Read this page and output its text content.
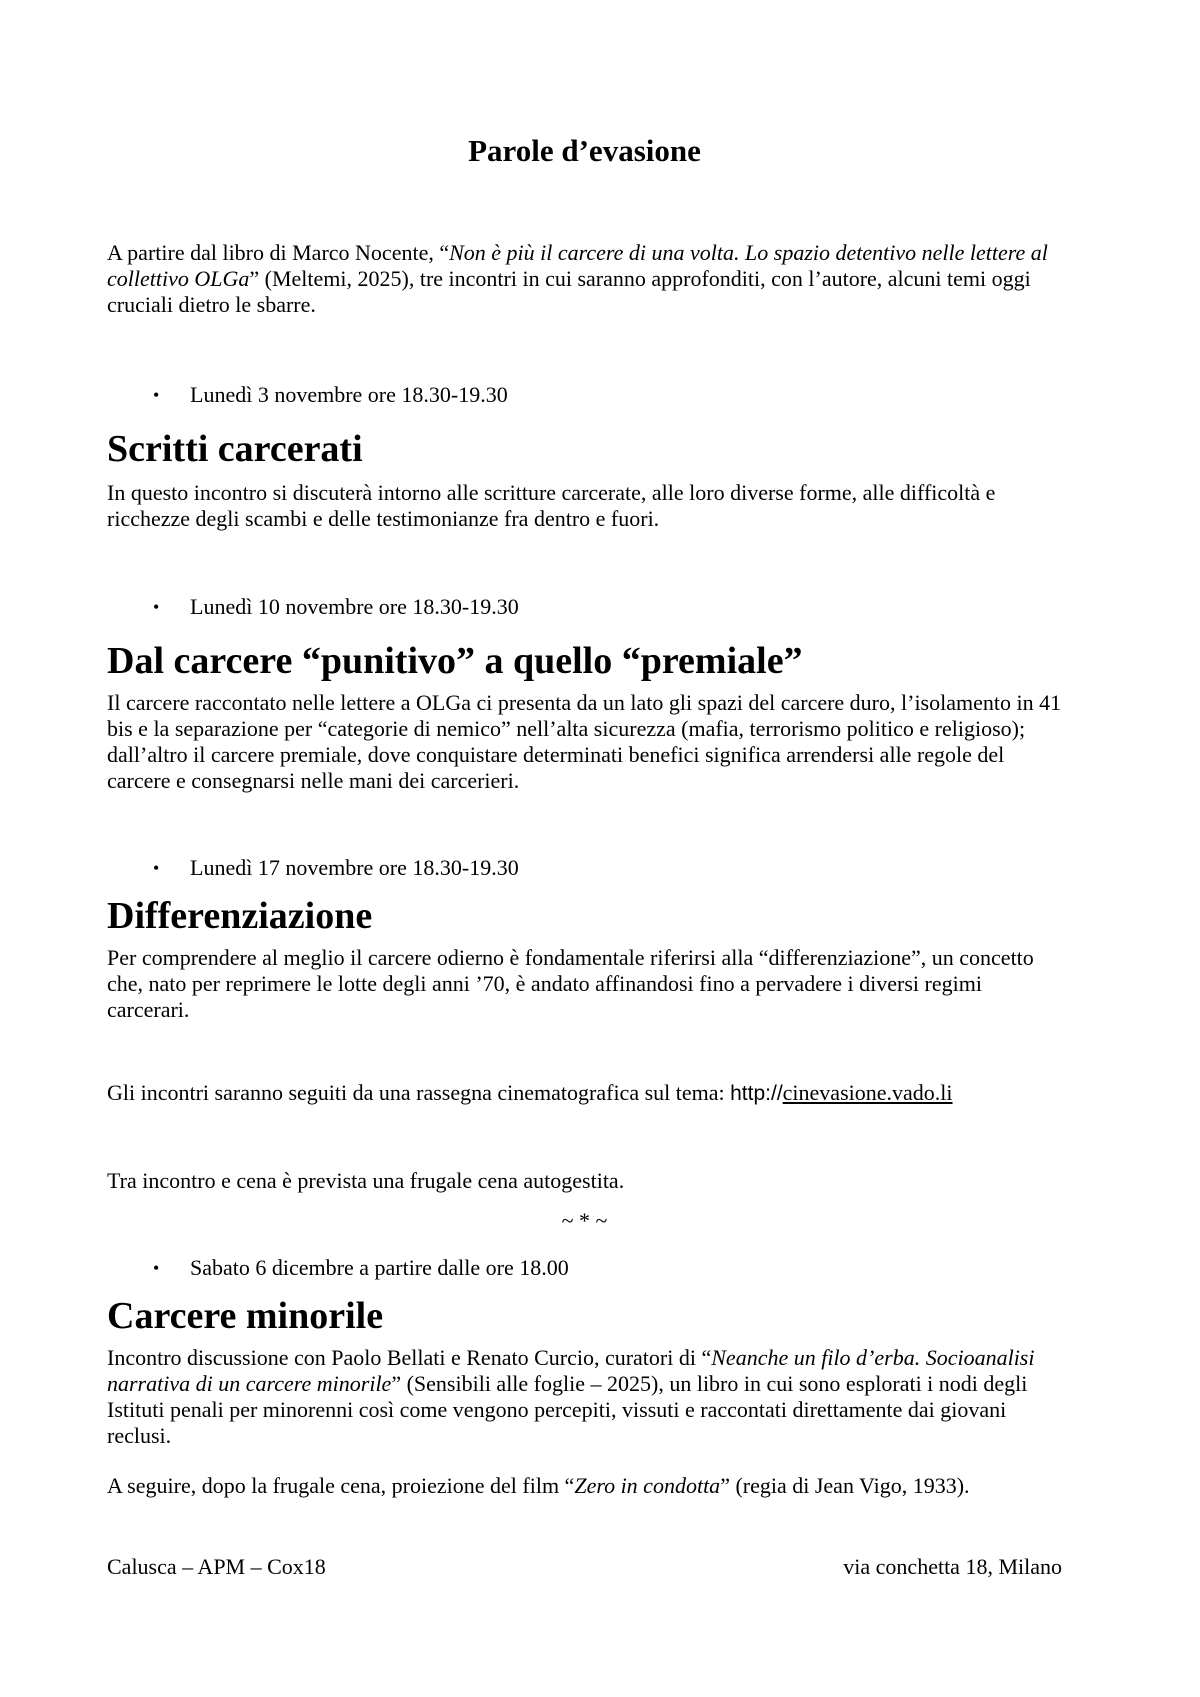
Parole d’evasione

A partire dal libro di Marco Nocente, “Non è più il carcere di una volta. Lo spazio detentivo nelle lettere al collettivo OLGa” (Meltemi, 2025), tre incontri in cui saranno approfonditi, con l’autore, alcuni temi oggi cruciali dietro le sbarre.

•	Lunedì 3 novembre ore 18.30-19.30
Scritti carcerati

In questo incontro si discuterà intorno alle scritture carcerate, alle loro diverse forme, alle difficoltà e ricchezze degli scambi e delle testimonianze fra dentro e fuori.

•	Lunedì 10 novembre ore 18.30-19.30
Dal carcere “punitivo” a quello “premiale”

Il carcere raccontato nelle lettere a OLGa ci presenta da un lato gli spazi del carcere duro, l’isolamento in 41 bis e la separazione per “categorie di nemico” nell’alta sicurezza (mafia, terrorismo politico e religioso); dall’altro il carcere premiale, dove conquistare determinati benefici significa arrendersi alle regole del carcere e consegnarsi nelle mani dei carcerieri.

•	Lunedì 17 novembre ore 18.30-19.30
Differenziazione

Per comprendere al meglio il carcere odierno è fondamentale riferirsi alla “differenziazione”, un concetto che, nato per reprimere le lotte degli anni ’70, è andato affinandosi fino a pervadere i diversi regimi carcerari.

Gli incontri saranno seguiti da una rassegna cinematografica sul tema: http://cinevasione.vado.li

Tra incontro e cena è prevista una frugale cena autogestita.

~ * ~

•	Sabato 6 dicembre a partire dalle ore 18.00
Carcere minorile

Incontro discussione con Paolo Bellati e Renato Curcio, curatori di “Neanche un filo d’erba. Socioanalisi narrativa di un carcere minorile” (Sensibili alle foglie – 2025), un libro in cui sono esplorati i nodi degli Istituti penali per minorenni così come vengono percepiti, vissuti e raccontati direttamente dai giovani reclusi.

A seguire, dopo la frugale cena, proiezione del film “Zero in condotta” (regia di Jean Vigo, 1933).

Calusca – APM – Cox18	via conchetta 18, Milano
